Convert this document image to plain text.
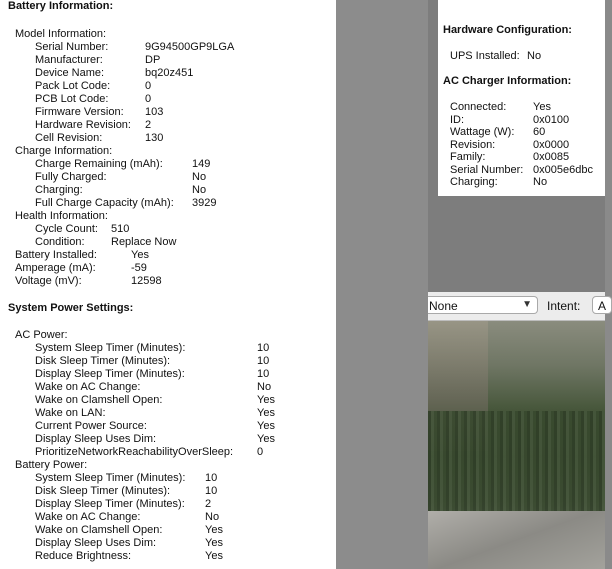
Battery Information:
Model Information:
Serial Number:	9G94500GP9LGA
Manufacturer:	DP
Device Name:	bq20z451
Pack Lot Code:	0
PCB Lot Code:	0
Firmware Version: 103
Hardware Revision: 2
Cell Revision:	130
Charge Information:
Charge Remaining (mAh):	149
Fully Charged:	No
Charging:	No
Full Charge Capacity (mAh): 3929
Health Information:
Cycle Count: 510
Condition: Replace Now
Battery Installed:	Yes
Amperage (mA):	-59
Voltage (mV):	12598
System Power Settings:
AC Power:
System Sleep Timer (Minutes):	10
Disk Sleep Timer (Minutes):	10
Display Sleep Timer (Minutes):	10
Wake on AC Change:	No
Wake on Clamshell Open:	Yes
Wake on LAN:	Yes
Current Power Source:	Yes
Display Sleep Uses Dim:	Yes
PrioritizeNetworkReachabilityOverSleep: 0
Battery Power:
System Sleep Timer (Minutes): 10
Disk Sleep Timer (Minutes):	10
Display Sleep Timer (Minutes): 2
Wake on AC Change:	No
Wake on Clamshell Open:	Yes
Display Sleep Uses Dim:	Yes
Reduce Brightness:	Yes
Hardware Configuration:
UPS Installed: No
AC Charger Information:
Connected: Yes
ID:	0x0100
Wattage (W): 60
Revision:	0x0000
Family:	0x0085
Serial Number: 0x005e6dbc
Charging:	No
None	▼ Intent: A
